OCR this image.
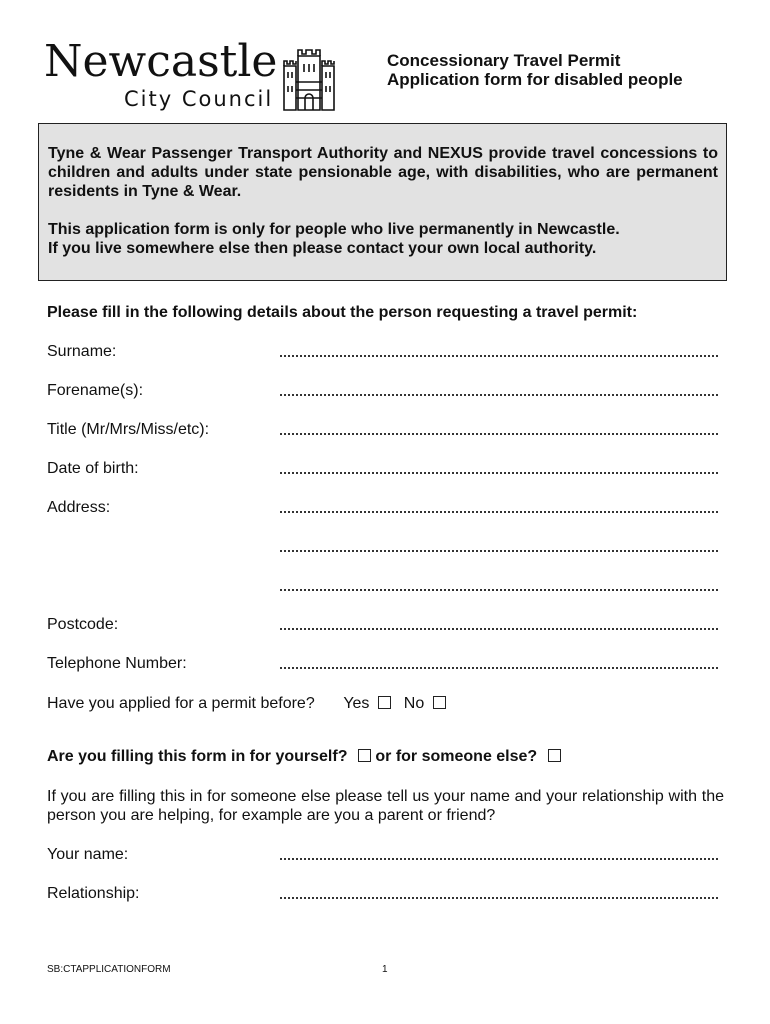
Newcastle
City Council
Concessionary Travel Permit
Application form for disabled people

Tyne & Wear Passenger Transport Authority and NEXUS provide travel concessions to children and adults under state pensionable age, with disabilities, who are permanent residents in Tyne & Wear.

This application form is only for people who live permanently in Newcastle.
If you live somewhere else then please contact your own local authority.

Please fill in the following details about the person requesting a travel permit:
Surname:
Forename(s):
Title (Mr/Mrs/Miss/etc):
Date of birth:
Address:
Postcode:
Telephone Number:
Have you applied for a permit before? Yes No
Are you filling this form in for yourself? or for someone else?

If you are filling this in for someone else please tell us your name and your relationship with the person you are helping, for example are you a parent or friend?

Your name:
Relationship:
SB:CTAPPLICATIONFORM	1
